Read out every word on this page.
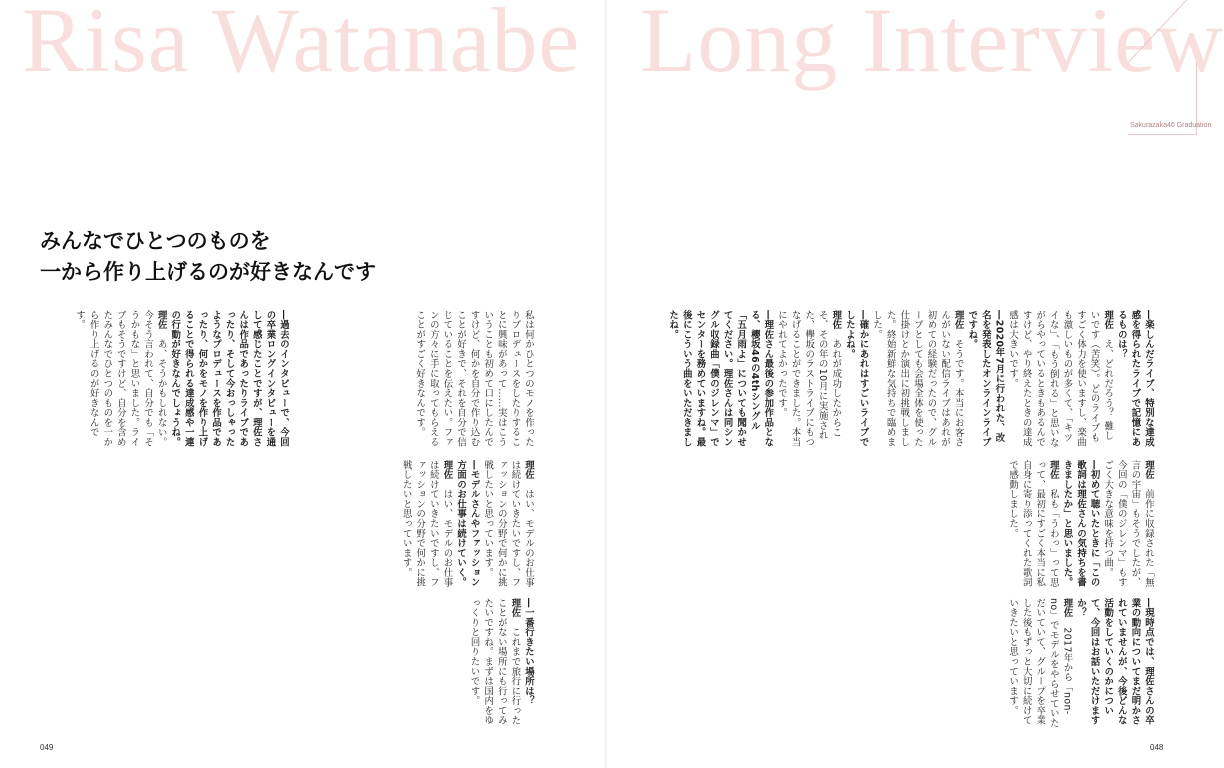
Risa Watanabe Long Interview
Sakurazaka46 Graduation
みんなでひとつのものを
一から作り上げるのが好きなんです

私は何かひとつのモノを作ったりプロデュースをしたりすることに興味があって……実はこういうことも初めて口にしたんですけど、何かを自分で作り込むことが好きで、それを自分で信じていることを伝えたい。ファンの方々に手に取ってもらえることがすごく好きなんです。

―過去のインタビューで、今回の卒業ロングインタビューを通して感じたことですが、理佐さんは作品であったりライブであったり、そして今おっしゃったようなプロデュースを作品であったり、何かをモノを作り上げることで得られる達成感や一連の行動が好きなんでしょうね。

理佐　あ、そうかもしれない。今そう言われて、自分でも「そうかもな」と思いました。ライブもそうですけど、自分を含めたみんなでひとつのものを一から作り上げるのが好きなんです。

理佐　はい、モデルのお仕事は続けていきたいですし、ファッションの分野で何かに挑戦したいと思っています。

―モデルさんやファッション方面のお仕事は続けていく。

理佐　はい、モデルのお仕事は続けていきたいですし、ファッションの分野で何かに挑戦したいと思っています。

―一番行きたい場所は？

理佐　これまで旅行に行ったことがない場所にも行ってみたいですね。まずは国内をゆっくりと回りたいです。

―楽しんだライブ、特別な達成感を得られたライブで記憶にあるものは？

理佐　え、どれだろう？ 難しいです（苦笑）。どのライブもすごく体力を使いますし、楽曲も激しいものが多くて、「キツイな」、「もう倒れる」と思いながらやっているときもあるんですけど、やり終えたときの達成感は大きいです。

―2020年7月に行われた、改名を発表したオンラインライブですね。

理佐　そうです。本当にお客さんがいない配信ライブはあれが初めての経験だったので、グループとしても会場全体を使った仕掛けとか演出に初挑戦しました。終始新鮮な気持ちで臨めました。

―確かにあれはすごいライブでしたよね。

理佐　あれが成功したからこそ、その年の10月に実施された、欅坂のラストライブにもつなげることができました。本当にやれてよかったです。

―理佐さん最後の参加作品となる、櫻坂46の4thシングル「五月雨よ」についても聞かせてください。理佐さんは同シングル収録曲「僕のジレンマ」でセンターを務めていますね。最後にこういう曲をいただきましたね。

理佐　前作に収録された「無言の宇宙」もそうでしたが、今回の「僕のジレンマ」もすごく大きな意味を持つ曲。

―初めて聴いたときに「この歌詞は理佐さんの気持ちを書きましたか」と思いました。

理佐　私も「うわっ」って思って、最初にすごく本当に私自身に寄り添ってくれた歌詞で感動しました。

―現時点では、理佐さんの卒業の動向についてまだ明かされていませんが、今後どんな活動をしていくのかについて、今回はお話いただけますか？

理佐　2017年から「non-no」でモデルをやらせていただいていて、グループを卒業した後もずっと大切に続けていきたいと思っています。

049	048
